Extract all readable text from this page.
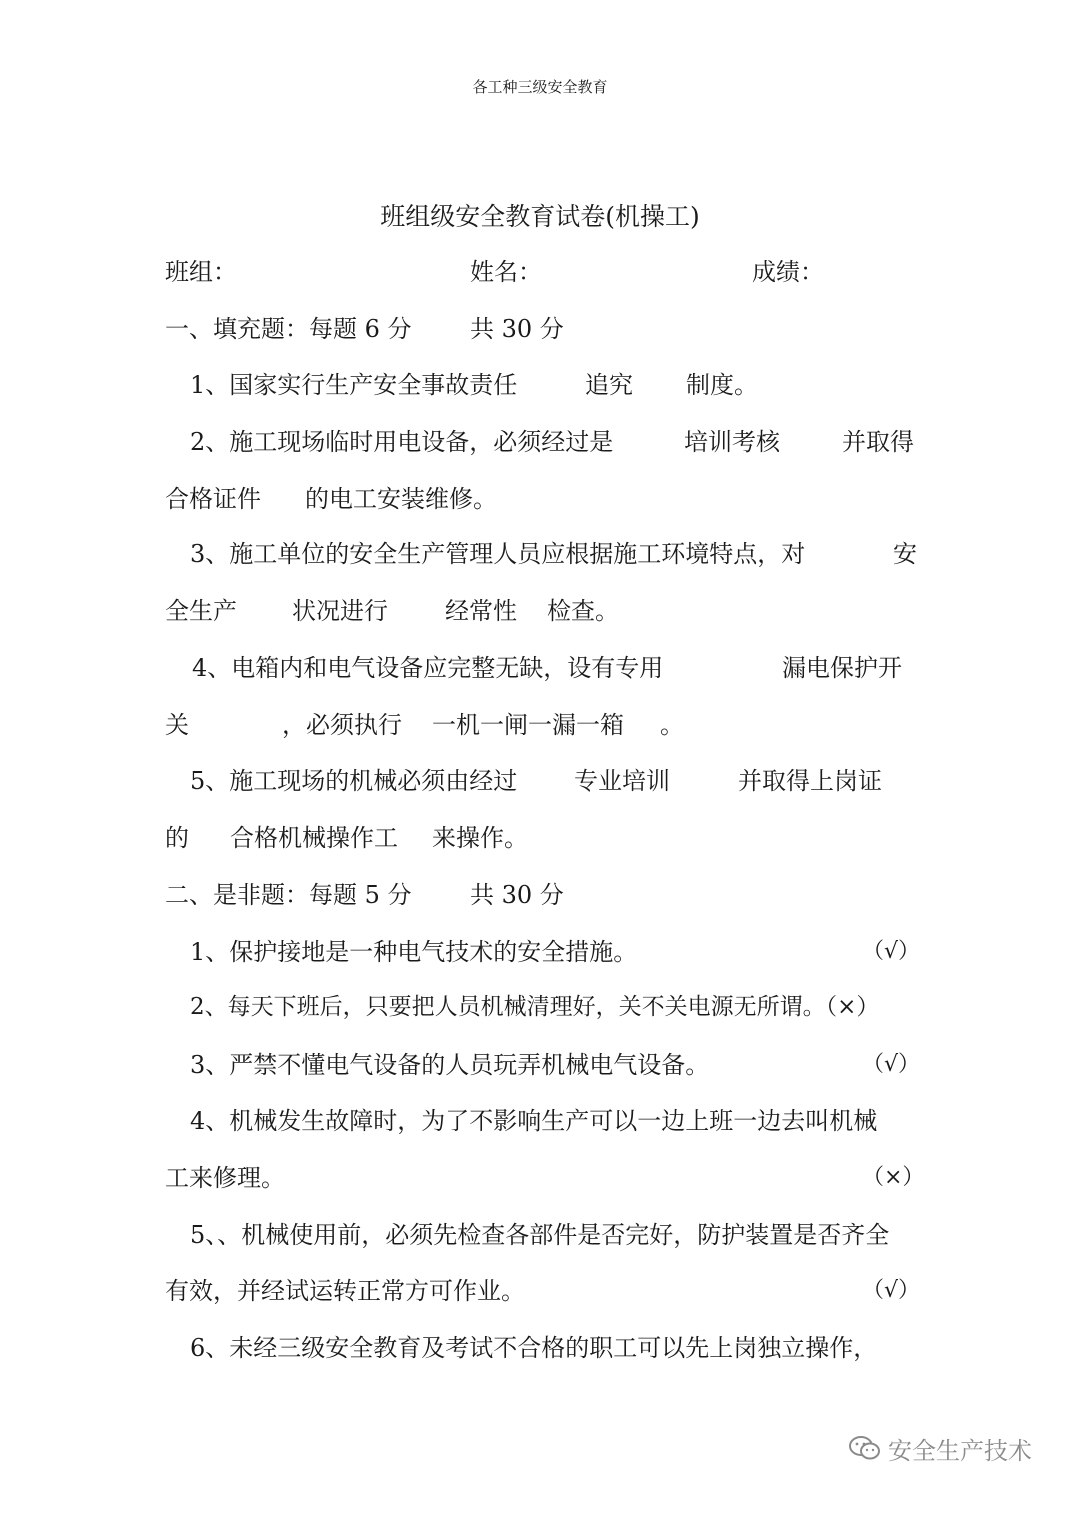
各工种三级安全教育
班组级安全教育试卷(机操工)
班组：	姓名：	成绩：
一、填充题：每题 6 分 共 30 分
1、国家实行生产安全事故责任	追究 制度。
2、施工现场临时用电设备，必须经过是	培训考核	并取得
合格证件 的电工安装维修。
3、施工单位的安全生产管理人员应根据施工环境特点，对	安
全生产 状况进行 经常性 检查。
4、电箱内和电气设备应完整无缺，设有专用	漏电保护开
关	，必须执行 一机一闸一漏一箱 。
5、施工现场的机械必须由经过 专业培训	并取得上岗证
的 合格机械操作工 来操作。
二、是非题：每题 5 分 共 30 分
1、保护接地是一种电气技术的安全措施。	（√）
2、每天下班后，只要把人员机械清理好，关不关电源无所谓。（×）
3、严禁不懂电气设备的人员玩弄机械电气设备。	（√）
4、机械发生故障时，为了不影响生产可以一边上班一边去叫机械
工来修理。	（×）
5、、机械使用前，必须先检查各部件是否完好，防护装置是否齐全
有效，并经试运转正常方可作业。	（√）
6、未经三级安全教育及考试不合格的职工可以先上岗独立操作，
安全生产技术
